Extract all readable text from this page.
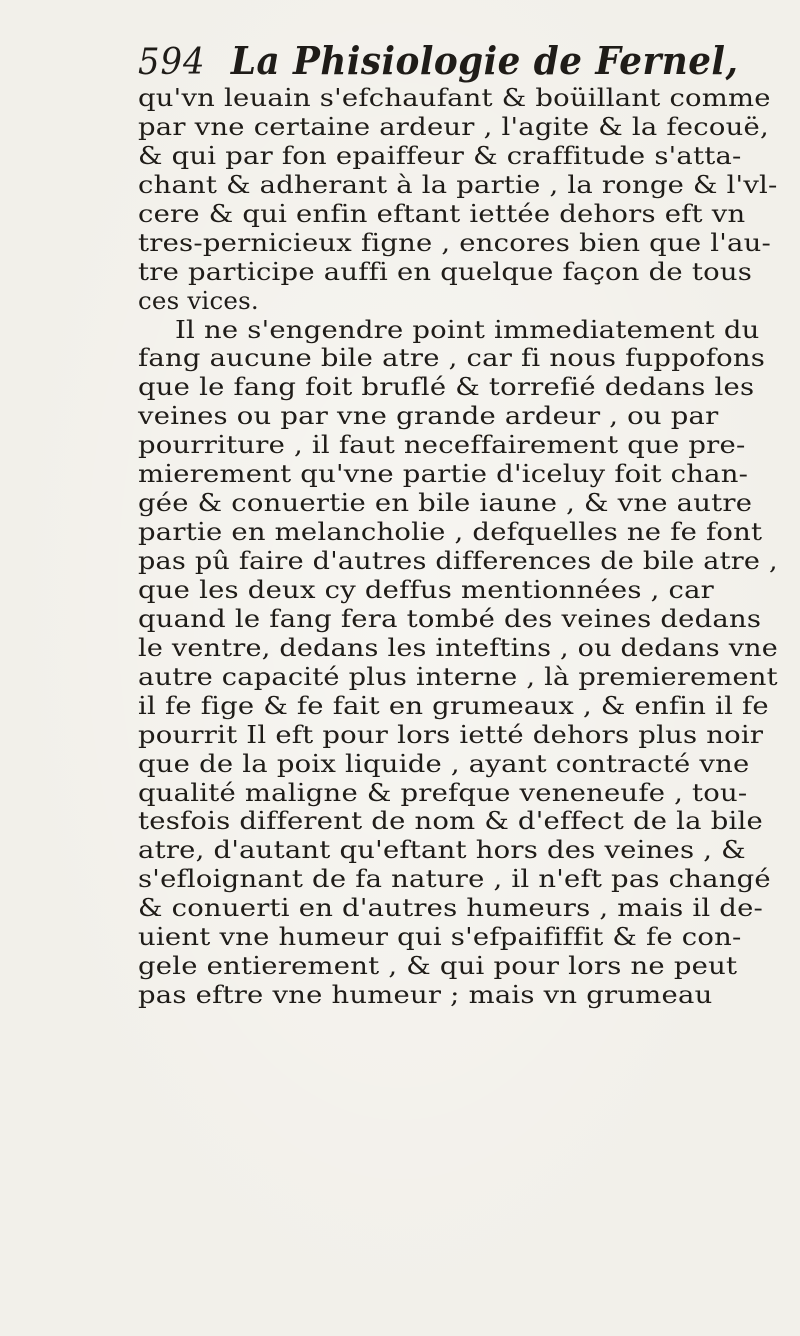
594 La Phisiologie de Fernel,
qu'vn leuain s'efchaufant & boüillant comme
par vne certaine ardeur , l'agite & la fecouë,
& qui par fon epaiffeur & craffitude s'atta-
chant & adherant à la partie , la ronge & l'vl-
cere & qui enfin eftant iettée dehors eft vn
tres-pernicieux figne , encores bien que l'au-
tre participe auffi en quelque façon de tous
ces vices.
Il ne s'engendre point immediatement du
fang aucune bile atre , car fi nous fuppofons
que le fang foit bruflé & torrefié dedans les
veines ou par vne grande ardeur , ou par
pourriture , il faut neceffairement que pre-
mierement qu'vne partie d'iceluy foit chan-
gée & conuertie en bile iaune , & vne autre
partie en melancholie , defquelles ne fe font
pas pû faire d'autres differences de bile atre ,
que les deux cy deffus mentionnées , car
quand le fang fera tombé des veines dedans
le ventre, dedans les inteftins , ou dedans vne
autre capacité plus interne , là premierement
il fe fige & fe fait en grumeaux , & enfin il fe
pourrit Il eft pour lors ietté dehors plus noir
que de la poix liquide , ayant contracté vne
qualité maligne & prefque veneneufe , tou-
tesfois different de nom & d'effect de la bile
atre, d'autant qu'eftant hors des veines , &
s'efloignant de fa nature , il n'eft pas changé
& conuerti en d'autres humeurs , mais il de-
uient vne humeur qui s'efpaififfit & fe con-
gele entierement , & qui pour lors ne peut
pas eftre vne humeur ; mais vn grumeau
